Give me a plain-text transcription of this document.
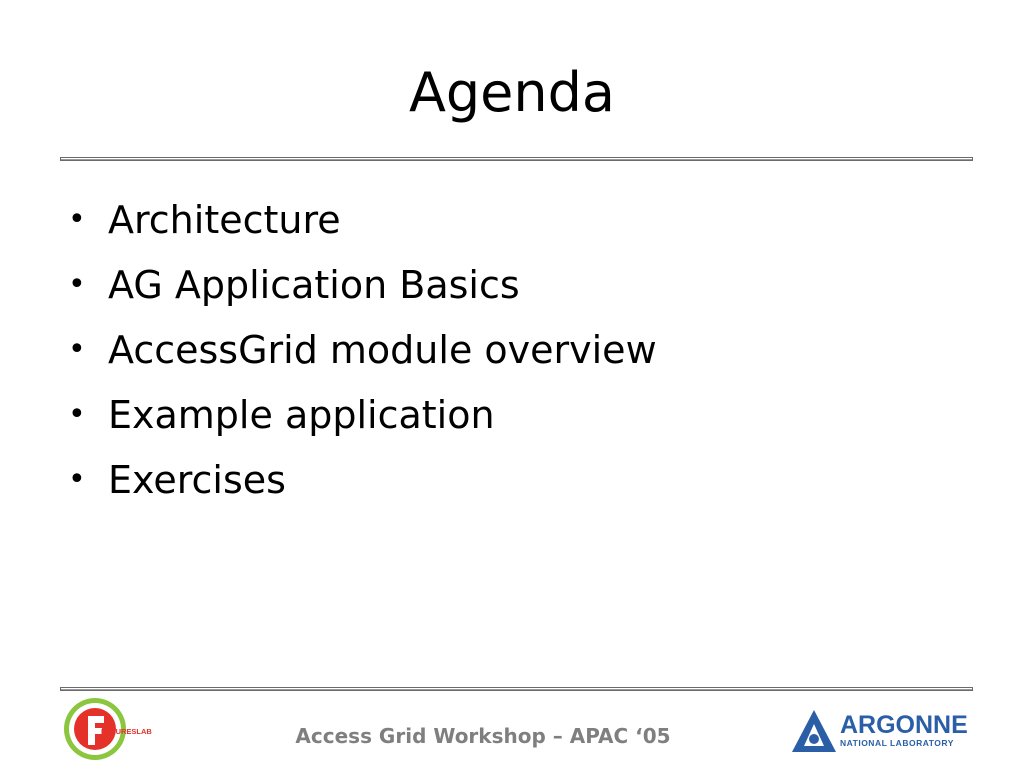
Agenda
• Architecture
• AG Application Basics
• AccessGrid module overview
• Example application
• Exercises
FUTURESLAB	Access Grid Workshop – APAC ‘05	ARGONNE
NATIONAL LABORATORY
